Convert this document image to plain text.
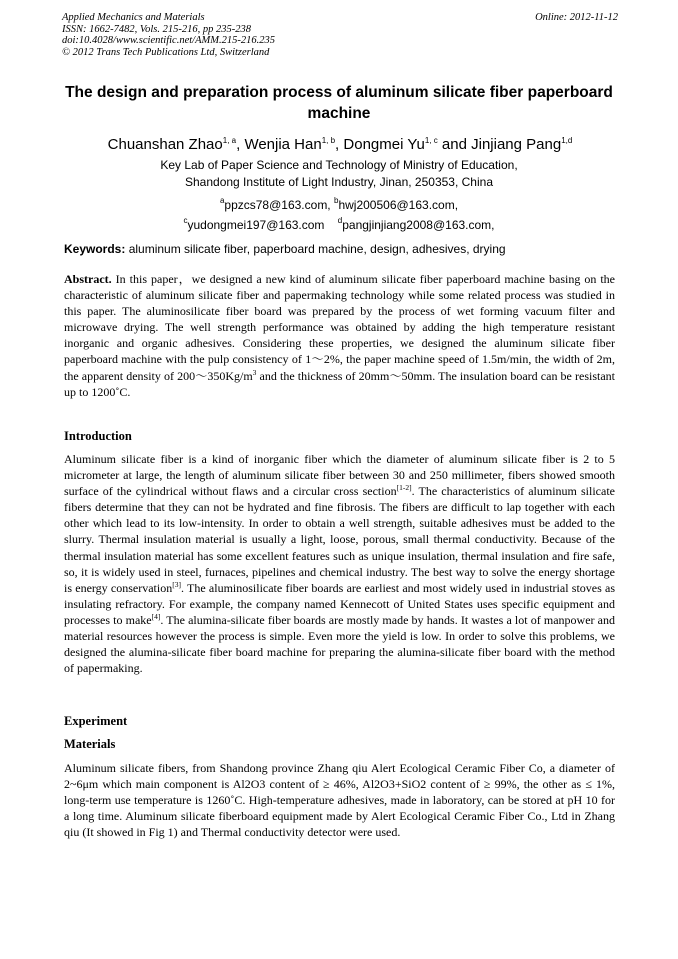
Applied Mechanics and Materials
ISSN: 1662-7482, Vols. 215-216, pp 235-238
doi:10.4028/www.scientific.net/AMM.215-216.235
© 2012 Trans Tech Publications Ltd, Switzerland
Online: 2012-11-12
The design and preparation process of aluminum silicate fiber paperboard machine
Chuanshan Zhao$^{1, a}$, Wenjia Han$^{1, b}$, Dongmei Yu$^{1, c}$ and Jinjiang Pang$^{1,d}$
Key Lab of Paper Science and Technology of Ministry of Education,
Shandong Institute of Light Industry, Jinan, 250353, China
$^a$ppzcs78@163.com, $^b$hwj200506@163.com,
$^c$yudongmei197@163.com $^d$pangjinjiang2008@163.com,
Keywords: aluminum silicate fiber, paperboard machine, design, adhesives, drying
Abstract. In this paper，we designed a new kind of aluminum silicate fiber paperboard machine basing on the characteristic of aluminum silicate fiber and papermaking technology while some related process was studied in this paper. The aluminosilicate fiber board was prepared by the process of wet forming vacuum filter and microwave drying. The well strength performance was obtained by adding the high temperature resistant inorganic and organic adhesives. Considering these properties, we designed the aluminum silicate fiber paperboard machine with the pulp consistency of 1～2%, the paper machine speed of 1.5m/min, the width of 2m, the apparent density of $200\sim 350Kg/m^3$ and the thickness of 20mm～50mm. The insulation board can be resistant up to 1200˚C.
Introduction
Aluminum silicate fiber is a kind of inorganic fiber which the diameter of aluminum silicate fiber is 2 to 5 micrometer at large, the length of aluminum silicate fiber between 30 and 250 millimeter, fibers showed smooth surface of the cylindrical without flaws and a circular cross section[1-2]. The characteristics of aluminum silicate fibers determine that they can not be hydrated and fine fibrosis. The fibers are difficult to lap together with each other which lead to its low-intensity. In order to obtain a well strength, suitable adhesives must be added to the slurry. Thermal insulation material is usually a light, loose, porous, small thermal conductivity. Because of the thermal insulation material has some excellent features such as unique insulation, thermal insulation and fire safe, so, it is widely used in steel, furnaces, pipelines and chemical industry. The best way to solve the energy shortage is energy conservation[3]. The aluminosilicate fiber boards are earliest and most widely used in industrial stoves as insulating refractory. For example, the company named Kennecott of United States uses specific equipment and processes to make[4]. The alumina-silicate fiber boards are mostly made by hands. It wastes a lot of manpower and material resources however the process is simple. Even more the yield is low. In order to solve this problems, we designed the alumina-silicate fiber board machine for preparing the alumina-silicate fiber board with the method of papermaking.
Experiment
Materials
Aluminum silicate fibers, from Shandong province Zhang qiu Alert Ecological Ceramic Fiber Co, a diameter of 2~6μm which main component is Al2O3 content of ≥ 46%, Al2O3+SiO2 content of ≥ 99%, the other as ≤ 1%, long-term use temperature is 1260˚C. High-temperature adhesives, made in laboratory, can be stored at pH 10 for a long time. Aluminum silicate fiberboard equipment made by Alert Ecological Ceramic Fiber Co., Ltd in Zhang qiu (It showed in Fig 1) and Thermal conductivity detector were used.
